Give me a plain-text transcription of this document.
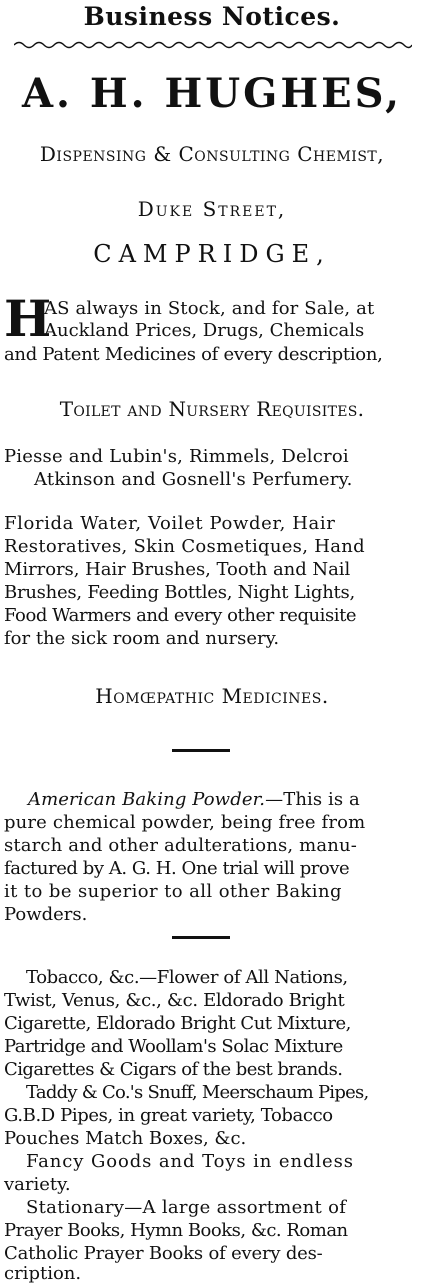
Business Notices.
A. H. HUGHES,
Dispensing & Consulting Chemist,
Duke Street,
CAMPRIDGE,
H
AS always in Stock, and for Sale, at
Auckland Prices, Drugs, Chemicals
and Patent Medicines of every description,
Toilet and Nursery Requisites.
Piesse and Lubin's, Rimmels, Delcroi
Atkinson and Gosnell's Perfumery.
Florida Water, Voilet Powder, Hair
Restoratives, Skin Cosmetiques, Hand
Mirrors, Hair Brushes, Tooth and Nail
Brushes, Feeding Bottles, Night Lights,
Food Warmers and every other requisite
for the sick room and nursery.
Homœpathic Medicines.
American Baking Powder.—This is a
pure chemical powder, being free from
starch and other adulterations, manu-
factured by A. G. H. One trial will prove
it to be superior to all other Baking
Powders.
Tobacco, &c.—Flower of All Nations,
Twist, Venus, &c., &c. Eldorado Bright
Cigarette, Eldorado Bright Cut Mixture,
Partridge and Woollam's Solac Mixture
Cigarettes & Cigars of the best brands.
Taddy & Co.'s Snuff, Meerschaum Pipes,
G.B.D Pipes, in great variety, Tobacco
Pouches Match Boxes, &c.
Fancy Goods and Toys in endless
variety.
Stationary—A large assortment of
Prayer Books, Hymn Books, &c. Roman
Catholic Prayer Books of every des-
cription.
